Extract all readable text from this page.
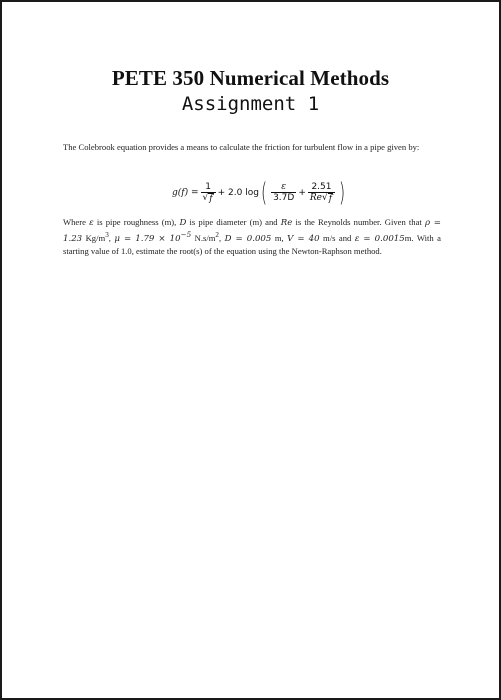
PETE 350 Numerical Methods
Assignment 1
The Colebrook equation provides a means to calculate the friction for turbulent flow in a pipe given by:
$g(f) = \frac{1}{√ f} + 2.0$ log ( $\frac{\varepsilon}{3.7D} + \frac{2.51}{Re √ f}$ )
Where ε is pipe roughness (m), D is pipe diameter (m) and Re is the Reynolds number. Given that ρ = 1.23 $Kg/m^3$, $\mu = 1.79 \times 10^{-5}$ $N.s/m^2$, D = 0.005 m, V = 40 m/s and ε = 0.0015m. With a starting value of 1.0, estimate the root(s) of the equation using the Newton-Raphson method.
